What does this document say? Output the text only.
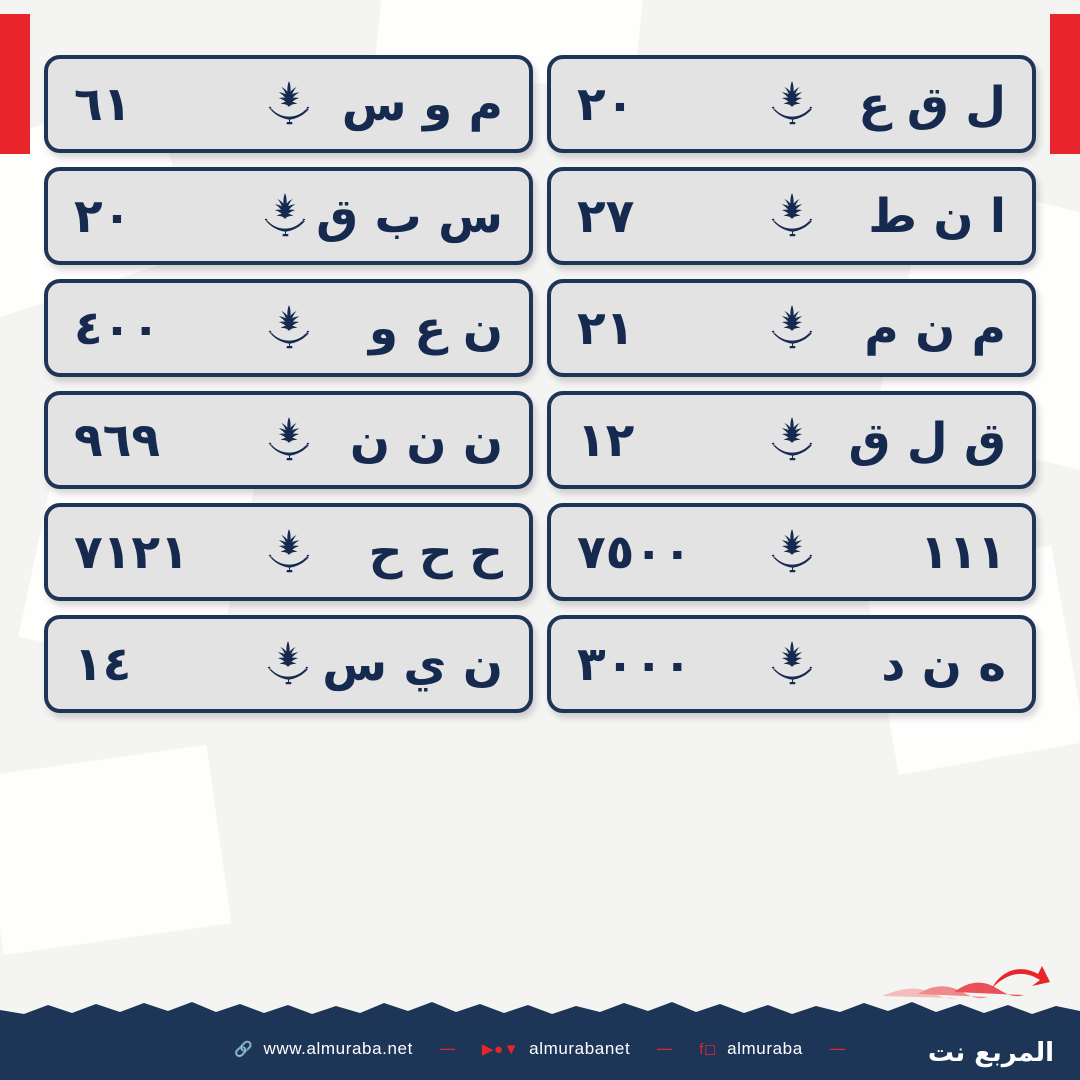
ل ق ع
٢٠
م و س
٦١
ا ن ط
٢٧
س ب ق
٢٠
م ن م
٢١
ن ع و
٤٠٠
ق ل ق
١٢
ن ن ن
٩٦٩
١١١
٧٥٠٠
ح ح ح
٧١٢١
ه ن د
٣٠٠٠
ن ي س
١٤
🔗 www.almuraba.net — ▶●▼ almurabanet — f◻ almuraba —	المربع نت
